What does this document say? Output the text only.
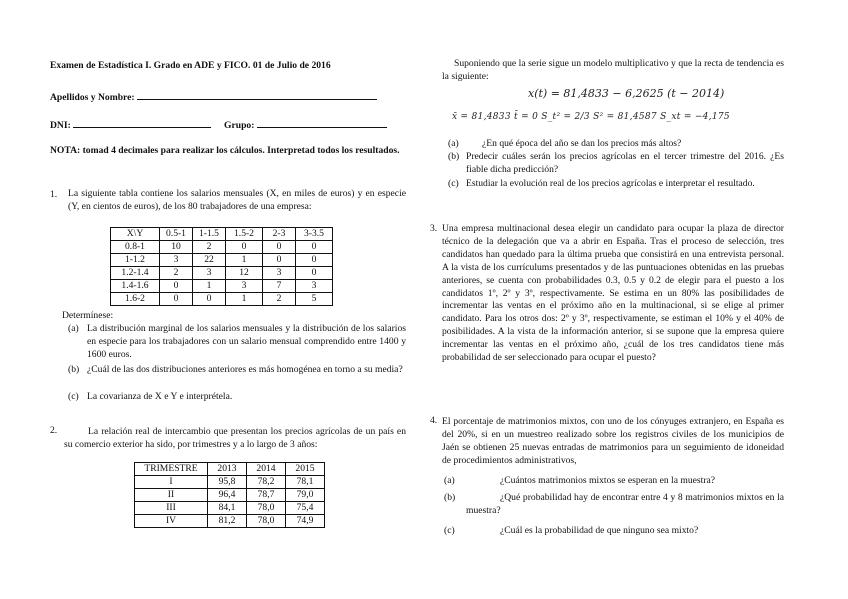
Examen de Estadística I. Grado en ADE y FICO. 01 de Julio de 2016
Apellidos y Nombre:
DNI:	Grupo:
NOTA: tomad 4 decimales para realizar los cálculos. Interpretad todos los resultados.
1. La siguiente tabla contiene los salarios mensuales (X, en miles de euros) y en especie (Y, en cientos de euros), de los 80 trabajadores de una empresa:
X\Y	0.5-1	1-1.5	1.5-2	2-3	3-3.5
0.8-1	10	2	0	0	0
1-1.2	3	22	1	0	0
1.2-1.4	2	3	12	3	0
1.4-1.6	0	1	3	7	3
1.6-2	0	0	1	2	5
Determínese:
(a) La distribución marginal de los salarios mensuales y la distribución de los salarios en especie para los trabajadores con un salario mensual comprendido entre 1400 y 1600 euros.
(b) ¿Cuál de las dos distribuciones anteriores es más homogénea en torno a su media?
(c) La covarianza de X e Y e interprétela.
2.	La relación real de intercambio que presentan los precios agrícolas de un país en su comercio exterior ha sido, por trimestres y a lo largo de 3 años:
TRIMESTRE	2013	2014	2015
I	95,8	78,2	78,1
II	96,4	78,7	79,0
III	84,1	78,0	75,4
IV	81,2	78,0	74,9
Suponiendo que la serie sigue un modelo multiplicativo y que la recta de tendencia es la siguiente:
x(t) = 81,4833 − 6,2625 (t − 2014)
x̄ = 81,4833 t̄ = 0 S_t² = 2/3 S² = 81,4587 S_xt = −4,175
(a) ¿En qué época del año se dan los precios más altos?
(b) Predecir cuáles serán los precios agrícolas en el tercer trimestre del 2016. ¿Es fiable dicha predicción?
(c) Estudiar la evolución real de los precios agrícolas e interpretar el resultado.
3. Una empresa multinacional desea elegir un candidato para ocupar la plaza de director técnico de la delegación que va a abrir en España. Tras el proceso de selección, tres candidatos han quedado para la última prueba que consistirá en una entrevista personal. A la vista de los currículums presentados y de las puntuaciones obtenidas en las pruebas anteriores, se cuenta con probabilidades 0.3, 0.5 y 0.2 de elegir para el puesto a los candidatos 1º, 2º y 3º, respectivamente. Se estima en un 80% las posibilidades de incrementar las ventas en el próximo año en la multinacional, si se elige al primer candidato. Para los otros dos: 2º y 3º, respectivamente, se estiman el 10% y el 40% de posibilidades. A la vista de la información anterior, si se supone que la empresa quiere incrementar las ventas en el próximo año, ¿cuál de los tres candidatos tiene más probabilidad de ser seleccionado para ocupar el puesto?
4. El porcentaje de matrimonios mixtos, con uno de los cónyuges extranjero, en España es del 20%, si en un muestreo realizado sobre los registros civiles de los municipios de Jaén se obtienen 25 nuevas entradas de matrimonios para un seguimiento de idoneidad de procedimientos administrativos,
(a)	¿Cuántos matrimonios mixtos se esperan en la muestra?
(b)	¿Qué probabilidad hay de encontrar entre 4 y 8 matrimonios mixtos en la muestra?
(c)	¿Cuál es la probabilidad de que ninguno sea mixto?
